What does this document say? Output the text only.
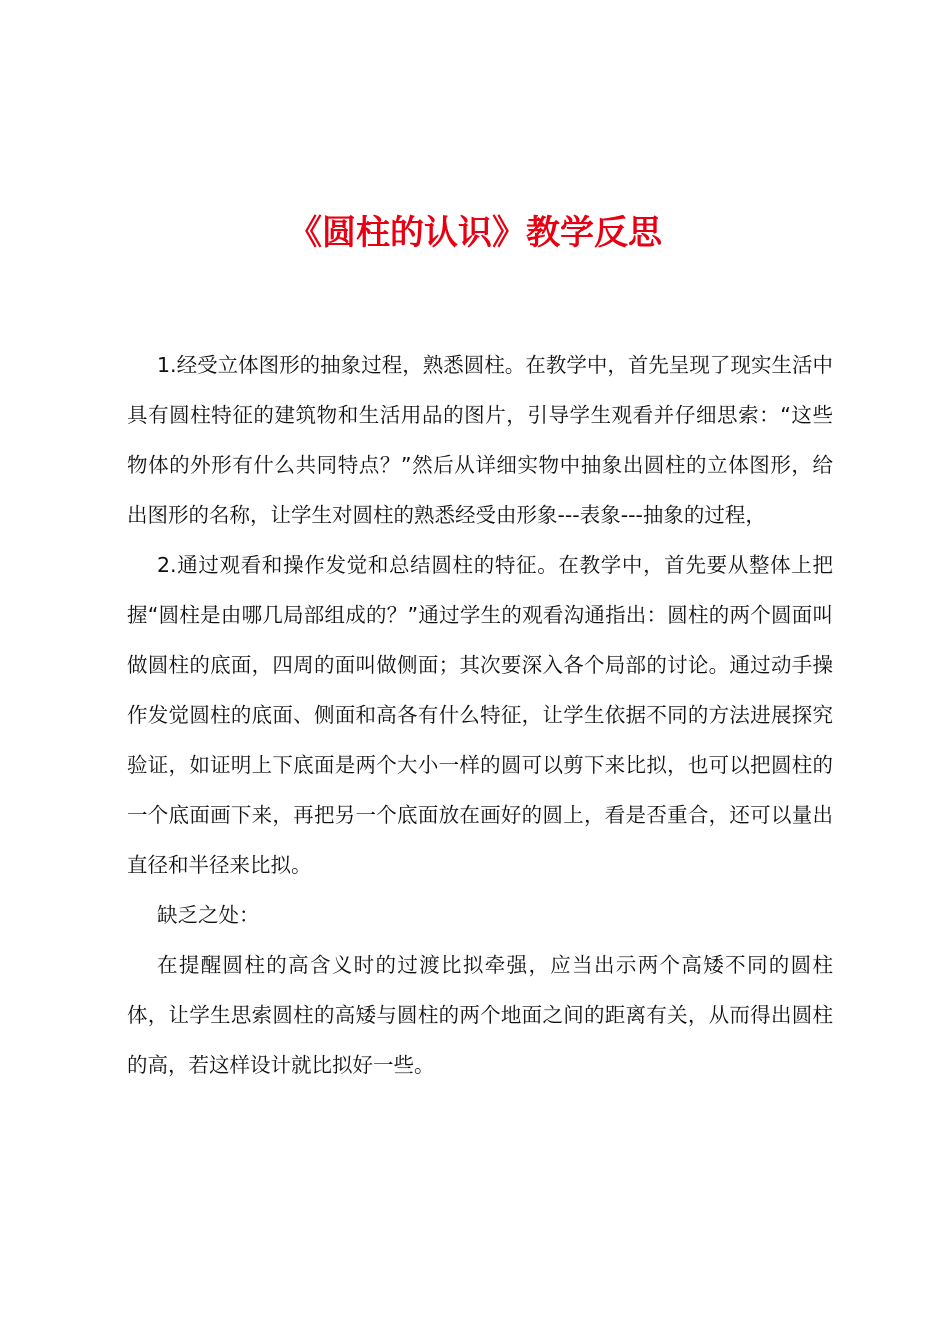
《圆柱的认识》教学反思

1.经受立体图形的抽象过程，熟悉圆柱。在教学中，首先呈现了现实生活中具有圆柱特征的建筑物和生活用品的图片，引导学生观看并仔细思索：“这些物体的外形有什么共同特点？”然后从详细实物中抽象出圆柱的立体图形，给出图形的名称，让学生对圆柱的熟悉经受由形象---表象---抽象的过程，

2.通过观看和操作发觉和总结圆柱的特征。在教学中，首先要从整体上把握“圆柱是由哪几局部组成的？”通过学生的观看沟通指出：圆柱的两个圆面叫做圆柱的底面，四周的面叫做侧面；其次要深入各个局部的讨论。通过动手操作发觉圆柱的底面、侧面和高各有什么特征，让学生依据不同的方法进展探究验证，如证明上下底面是两个大小一样的圆可以剪下来比拟，也可以把圆柱的一个底面画下来，再把另一个底面放在画好的圆上，看是否重合，还可以量出直径和半径来比拟。

缺乏之处：

在提醒圆柱的高含义时的过渡比拟牵强，应当出示两个高矮不同的圆柱体，让学生思索圆柱的高矮与圆柱的两个地面之间的距离有关，从而得出圆柱的高，若这样设计就比拟好一些。
